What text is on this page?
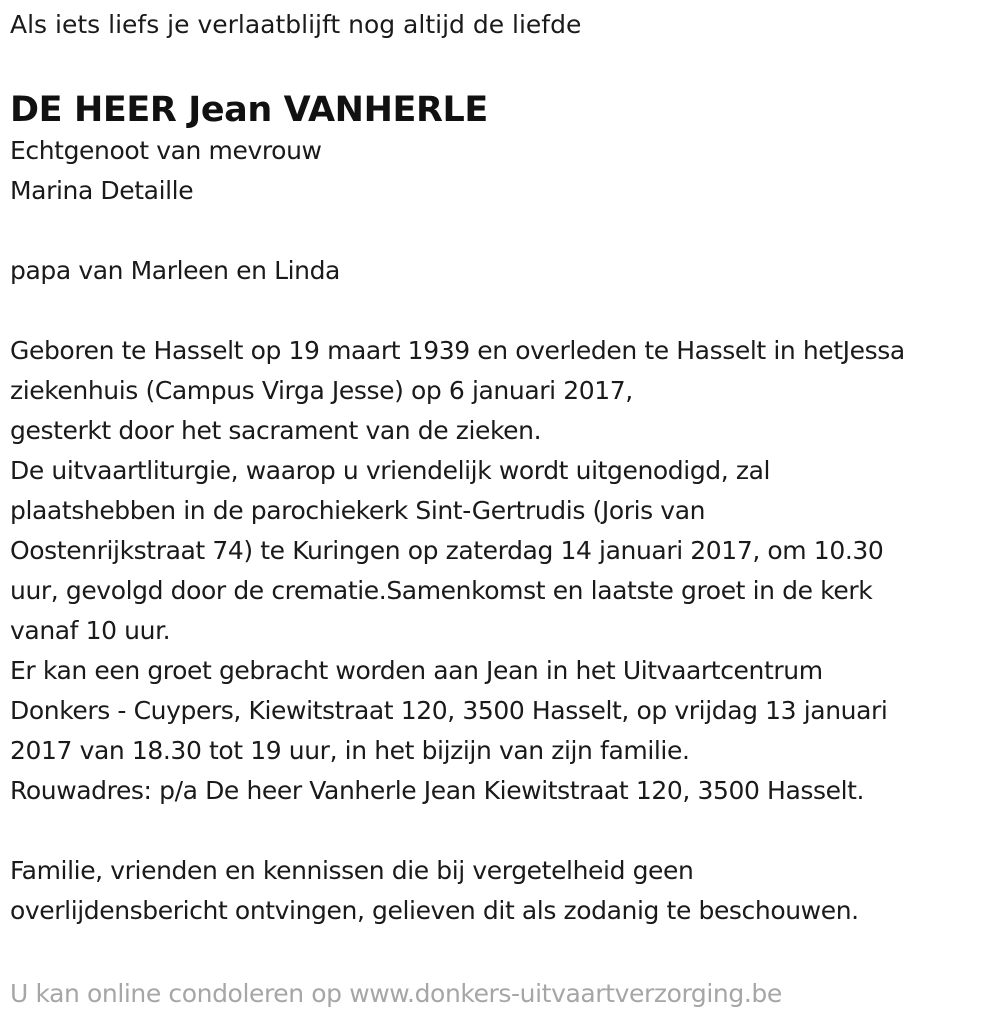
Als iets liefs je verlaatblijft nog altijd de liefde

DE HEER Jean VANHERLE

Echtgenoot van mevrouw

Marina Detaille

papa van Marleen en Linda

Geboren te Hasselt op 19 maart 1939 en overleden te Hasselt in hetJessa

ziekenhuis (Campus Virga Jesse) op 6 januari 2017,

gesterkt door het sacrament van de zieken.

De uitvaartliturgie, waarop u vriendelijk wordt uitgenodigd, zal

plaatshebben in de parochiekerk Sint-Gertrudis (Joris van

Oostenrijkstraat 74) te Kuringen op zaterdag 14 januari 2017, om 10.30

uur, gevolgd door de crematie.Samenkomst en laatste groet in de kerk

vanaf 10 uur.

Er kan een groet gebracht worden aan Jean in het Uitvaartcentrum

Donkers - Cuypers, Kiewitstraat 120, 3500 Hasselt, op vrijdag 13 januari

2017 van 18.30 tot 19 uur, in het bijzijn van zijn familie.

Rouwadres: p/a De heer Vanherle Jean Kiewitstraat 120, 3500 Hasselt.

Familie, vrienden en kennissen die bij vergetelheid geen

overlijdensbericht ontvingen, gelieven dit als zodanig te beschouwen.

U kan online condoleren op www.donkers-uitvaartverzorging.be
